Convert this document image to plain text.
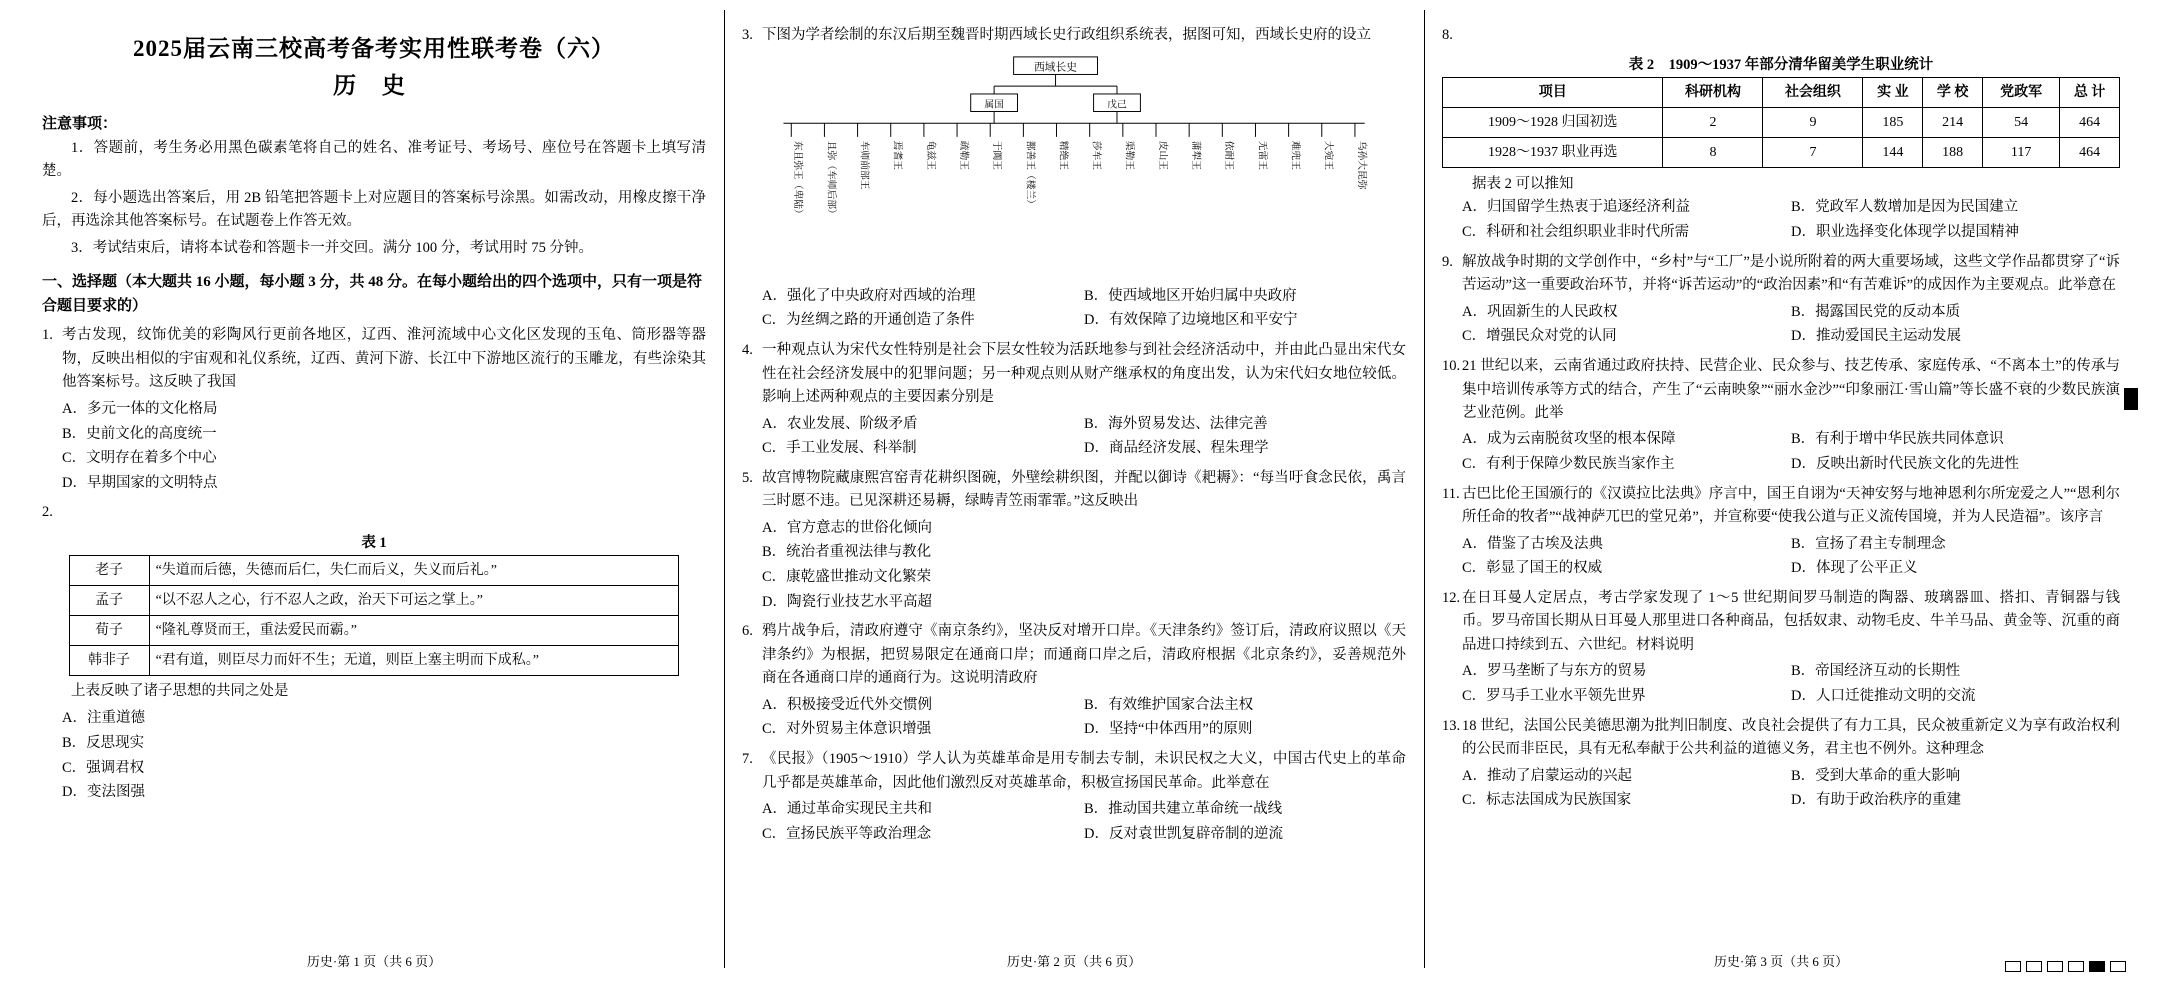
2025届云南三校高考备考实用性联考卷（六）
历 史
注意事项：
1．答题前，考生务必用黑色碳素笔将自己的姓名、准考证号、考场号、座位号在答题卡上填写清楚。
2．每小题选出答案后，用 2B 铅笔把答题卡上对应题目的答案标号涂黑。如需改动，用橡皮擦干净后，再选涂其他答案标号。在试题卷上作答无效。
3．考试结束后，请将本试卷和答题卡一并交回。满分 100 分，考试用时 75 分钟。
一、选择题（本大题共 16 小题，每小题 3 分，共 48 分。在每小题给出的四个选项中，只有一项是符合题目要求的）
1. 考古发现，纹饰优美的彩陶风行更前各地区，辽西、淮河流域中心文化区发现的玉龟、筒形器等器物，反映出相似的宇宙观和礼仪系统，辽西、黄河下游、长江中下游地区流行的玉雕龙，有些涂染其他答案标号。这反映了我国
A．多元一体的文化格局
B．史前文化的高度统一
C．文明存在着多个中心
D．早期国家的文明特点
2.
表 1
老子	“失道而后德，失德而后仁，失仁而后义，失义而后礼。”
孟子	“以不忍人之心，行不忍人之政，治天下可运之掌上。”
荀子	“隆礼尊贤而王，重法爱民而霸。”
韩非子	“君有道，则臣尽力而奸不生；无道，则臣上塞主明而下成私。”
上表反映了诸子思想的共同之处是
A．注重道德
B．反思现实
C．强调君权
D．变法图强
历史·第 1 页（共 6 页）
3. 下图为学者绘制的东汉后期至魏晋时期西域长史行政组织系统表，据图可知，西域长史府的设立
西域长史
属国	戊己
东且弥王（卑陆） 且弥（车师后部） 车师前部王 焉耆王 龟兹王 疏勒王 于阗王 鄯善王（楼兰） 精绝王 莎车王 渠勒王 皮山王 蒲犁王 依耐王 无雷王 难兜王 大宛王 乌孙大昆弥
A．强化了中央政府对西域的治理	B．使西域地区开始归属中央政府
C．为丝绸之路的开通创造了条件	D．有效保障了边境地区和平安宁
4. 一种观点认为宋代女性特别是社会下层女性较为活跃地参与到社会经济活动中，并由此凸显出宋代女性在社会经济发展中的犯罪问题；另一种观点则从财产继承权的角度出发，认为宋代妇女地位较低。影响上述两种观点的主要因素分别是
A．农业发展、阶级矛盾	B．海外贸易发达、法律完善
C．手工业发展、科举制	D．商品经济发展、程朱理学
5. 故宫博物院藏康熙宫窑青花耕织图碗，外壁绘耕织图，并配以御诗《耙耨》：“每当吁食念民依，禹言三时愿不违。已见深耕还易耨，绿畴青笠雨霏霏。”这反映出
A．官方意志的世俗化倾向
B．统治者重视法律与教化
C．康乾盛世推动文化繁荣
D．陶瓷行业技艺水平高超
6. 鸦片战争后，清政府遵守《南京条约》，坚决反对增开口岸。《天津条约》签订后，清政府议照以《天津条约》为根据，把贸易限定在通商口岸；而通商口岸之后，清政府根据《北京条约》，妥善规范外商在各通商口岸的通商行为。这说明清政府
A．积极接受近代外交惯例	B．有效维护国家合法主权
C．对外贸易主体意识增强	D．坚持“中体西用”的原则
7. 《民报》（1905～1910）学人认为英雄革命是用专制去专制，未识民权之大义，中国古代史上的革命几乎都是英雄革命，因此他们激烈反对英雄革命，积极宣扬国民革命。此举意在
A．通过革命实现民主共和	B．推动国共建立革命统一战线
C．宣扬民族平等政治理念	D．反对袁世凯复辟帝制的逆流
历史·第 2 页（共 6 页）
8.
表 2　1909～1937 年部分清华留美学生职业统计
项目	科研机构	社会组织	实 业	学 校	党政军	总 计
1909～1928 归国初选	2	9	185	214	54	464
1928～1937 职业再选	8	7	144	188	117	464
据表 2 可以推知
A．归国留学生热衷于追逐经济利益	B．党政军人数增加是因为民国建立
C．科研和社会组织职业非时代所需	D．职业选择变化体现学以提国精神
9. 解放战争时期的文学创作中，“乡村”与“工厂”是小说所附着的两大重要场域，这些文学作品都贯穿了“诉苦运动”这一重要政治环节，并将“诉苦运动”的“政治因素”和“有苦难诉”的成因作为主要观点。此举意在
A．巩固新生的人民政权	B．揭露国民党的反动本质
C．增强民众对党的认同	D．推动爱国民主运动发展
10. 21 世纪以来，云南省通过政府扶持、民营企业、民众参与、技艺传承、家庭传承、“不离本土”的传承与集中培训传承等方式的结合，产生了“云南映象”“丽水金沙”“印象丽江·雪山篇”等长盛不衰的少数民族演艺业范例。此举
A．成为云南脱贫攻坚的根本保障	B．有利于增中华民族共同体意识
C．有利于保障少数民族当家作主	D．反映出新时代民族文化的先进性
11. 古巴比伦王国颁行的《汉谟拉比法典》序言中，国王自诩为“天神安努与地神恩利尔所宠爱之人”“恩利尔所任命的牧者”“战神萨兀巴的堂兄弟”，并宣称要“使我公道与正义流传国境，并为人民造福”。该序言
A．借鉴了古埃及法典	B．宣扬了君主专制理念
C．彰显了国王的权威	D．体现了公平正义
12. 在日耳曼人定居点，考古学家发现了 1～5 世纪期间罗马制造的陶器、玻璃器皿、搭扣、青铜器与钱币。罗马帝国长期从日耳曼人那里进口各种商品，包括奴隶、动物毛皮、牛羊马品、黄金等、沉重的商品进口持续到五、六世纪。材料说明
A．罗马垄断了与东方的贸易	B．帝国经济互动的长期性
C．罗马手工业水平领先世界	D．人口迁徙推动文明的交流
13. 18 世纪，法国公民美德思潮为批判旧制度、改良社会提供了有力工具，民众被重新定义为享有政治权利的公民而非臣民，具有无私奉献于公共利益的道德义务，君主也不例外。这种理念
A．推动了启蒙运动的兴起	B．受到大革命的重大影响
C．标志法国成为民族国家	D．有助于政治秩序的重建
历史·第 3 页（共 6 页）
